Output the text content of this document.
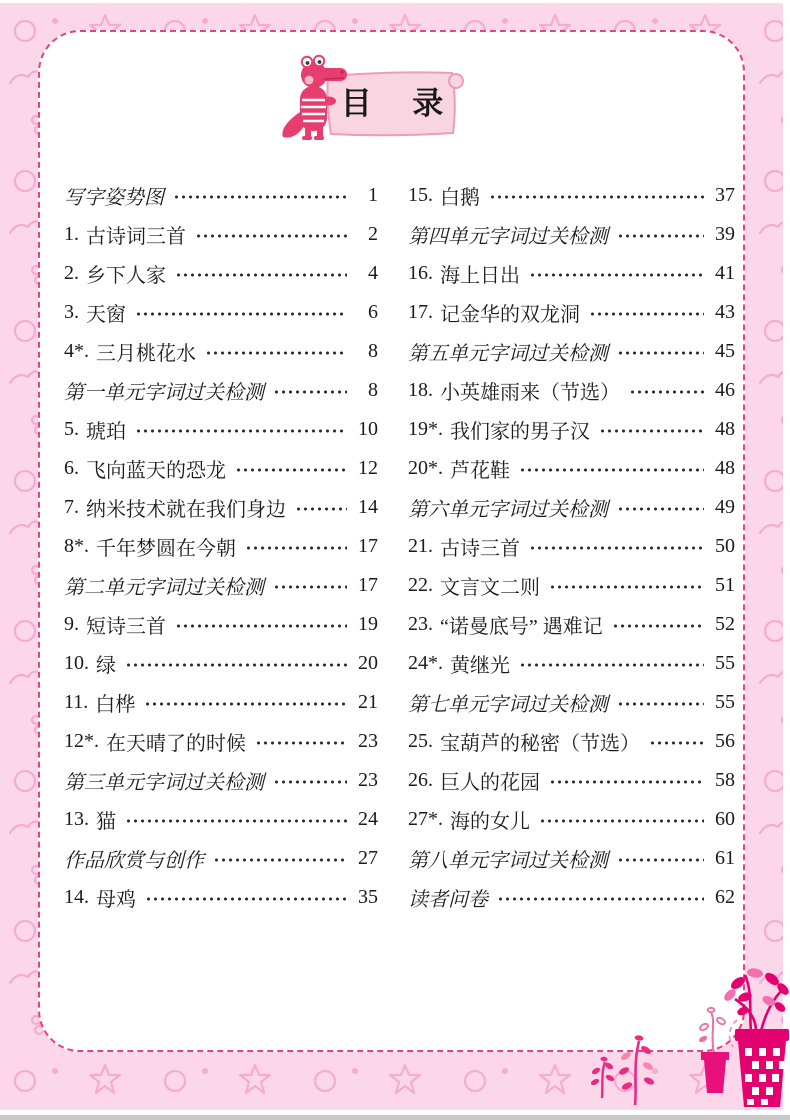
目 录
写字姿势图	1
1. 古诗词三首	2
2. 乡下人家	4
3. 天窗	6
4*. 三月桃花水	8
第一单元字词过关检测	8
5. 琥珀	10
6. 飞向蓝天的恐龙	12
7. 纳米技术就在我们身边	14
8*. 千年梦圆在今朝	17
第二单元字词过关检测	17
9. 短诗三首	19
10. 绿	20
11. 白桦	21
12*. 在天晴了的时候	23
第三单元字词过关检测	23
13. 猫	24
作品欣赏与创作	27
14. 母鸡	35
15. 白鹅	37
第四单元字词过关检测	39
16. 海上日出	41
17. 记金华的双龙洞	43
第五单元字词过关检测	45
18. 小英雄雨来（节选）	46
19*. 我们家的男子汉	48
20*. 芦花鞋	48
第六单元字词过关检测	49
21. 古诗三首	50
22. 文言文二则	51
23. “诺曼底号” 遇难记	52
24*. 黄继光	55
第七单元字词过关检测	55
25. 宝葫芦的秘密（节选）	56
26. 巨人的花园	58
27*. 海的女儿	60
第八单元字词过关检测	61
读者问卷	62
